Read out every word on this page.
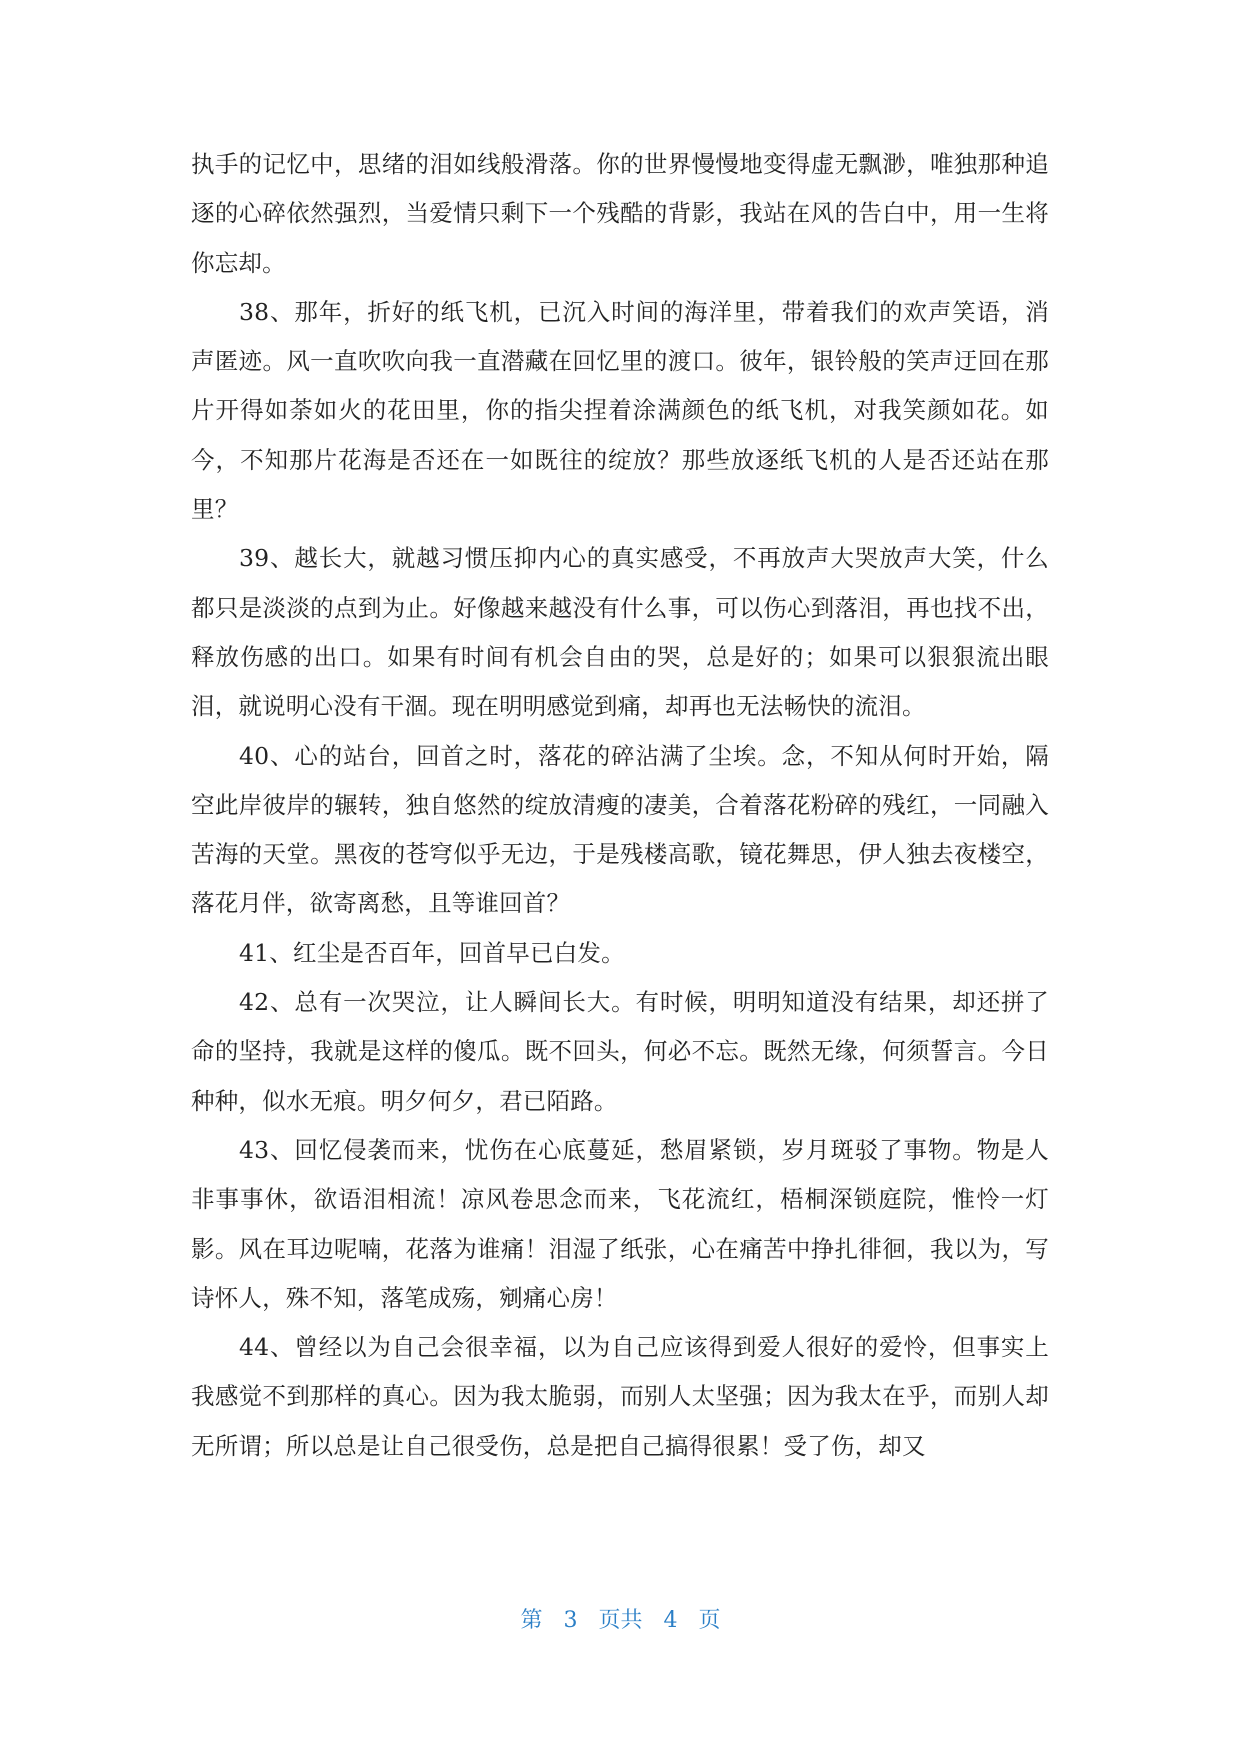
执手的记忆中，思绪的泪如线般滑落。你的世界慢慢地变得虚无飘渺，唯独那种追逐的心碎依然强烈，当爱情只剩下一个残酷的背影，我站在风的告白中，用一生将你忘却。

38、那年，折好的纸飞机，已沉入时间的海洋里，带着我们的欢声笑语，消声匿迹。风一直吹吹向我一直潜藏在回忆里的渡口。彼年，银铃般的笑声迂回在那片开得如荼如火的花田里，你的指尖捏着涂满颜色的纸飞机，对我笑颜如花。如今，不知那片花海是否还在一如既往的绽放？那些放逐纸飞机的人是否还站在那里？

39、越长大，就越习惯压抑内心的真实感受，不再放声大哭放声大笑，什么都只是淡淡的点到为止。好像越来越没有什么事，可以伤心到落泪，再也找不出，释放伤感的出口。如果有时间有机会自由的哭，总是好的；如果可以狠狠流出眼泪，就说明心没有干涸。现在明明感觉到痛，却再也无法畅快的流泪。

40、心的站台，回首之时，落花的碎沾满了尘埃。念，不知从何时开始，隔空此岸彼岸的辗转，独自悠然的绽放清瘦的凄美，合着落花粉碎的残红，一同融入苦海的天堂。黑夜的苍穹似乎无边，于是残楼高歌，镜花舞思，伊人独去夜楼空，落花月伴，欲寄离愁，且等谁回首？

41、红尘是否百年，回首早已白发。

42、总有一次哭泣，让人瞬间长大。有时候，明明知道没有结果，却还拼了命的坚持，我就是这样的傻瓜。既不回头，何必不忘。既然无缘，何须誓言。今日种种，似水无痕。明夕何夕，君已陌路。

43、回忆侵袭而来，忧伤在心底蔓延，愁眉紧锁，岁月斑驳了事物。物是人非事事休，欲语泪相流！凉风卷思念而来，飞花流红，梧桐深锁庭院，惟怜一灯影。风在耳边呢喃，花落为谁痛！泪湿了纸张，心在痛苦中挣扎徘徊，我以为，写诗怀人，殊不知，落笔成殇，剜痛心房！

44、曾经以为自己会很幸福，以为自己应该得到爱人很好的爱怜，但事实上我感觉不到那样的真心。因为我太脆弱，而别人太坚强；因为我太在乎，而别人却无所谓；所以总是让自己很受伤，总是把自己搞得很累！受了伤，却又

第 3 页共 4 页
